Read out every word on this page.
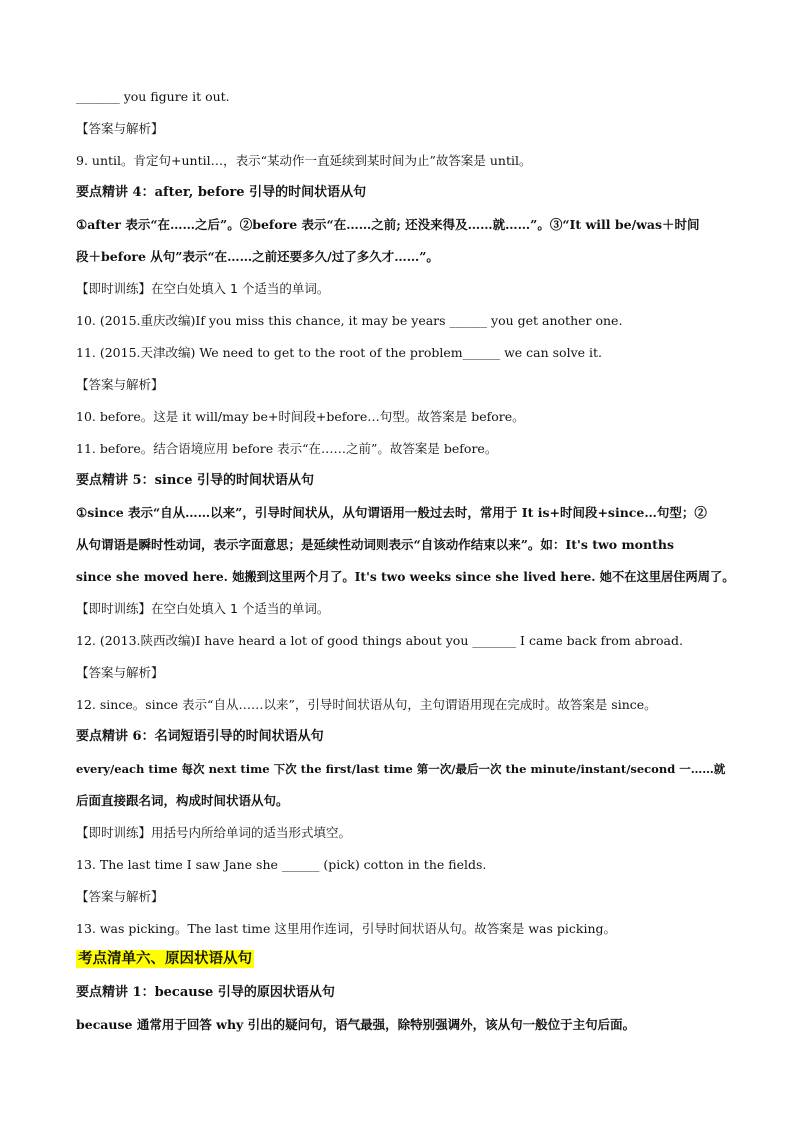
_______ you figure it out.
【答案与解析】
9. until。肯定句+until…，表示“某动作一直延续到某时间为止”故答案是 until。
要点精讲 4：after, before 引导的时间状语从句
①after 表示“在……之后”。②before 表示“在……之前; 还没来得及……就……”。③“It will be/was＋时间
段＋before 从句”表示“在……之前还要多久/过了多久才……”。
【即时训练】在空白处填入 1 个适当的单词。
10. (2015.重庆改编)If you miss this chance, it may be years ______ you get another one.
11. (2015.天津改编) We need to get to the root of the problem______ we can solve it.
【答案与解析】
10. before。这是 it will/may be+时间段+before…句型。故答案是 before。
11. before。结合语境应用 before 表示“在……之前”。故答案是 before。
要点精讲 5：since 引导的时间状语从句
①since 表示“自从……以来”，引导时间状从，从句谓语用一般过去时，常用于 It is+时间段+since…句型；②
从句谓语是瞬时性动词，表示字面意思；是延续性动词则表示“自该动作结束以来”。如：It's two months
since she moved here. 她搬到这里两个月了。It's two weeks since she lived here. 她不在这里居住两周了。
【即时训练】在空白处填入 1 个适当的单词。
12. (2013.陕西改编)I have heard a lot of good things about you _______ I came back from abroad.
【答案与解析】
12. since。since 表示“自从……以来”，引导时间状语从句，主句谓语用现在完成时。故答案是 since。
要点精讲 6：名词短语引导的时间状语从句
every/each time 每次 next time 下次 the first/last time 第一次/最后一次 the minute/instant/second 一……就
后面直接跟名词，构成时间状语从句。
【即时训练】用括号内所给单词的适当形式填空。
13. The last time I saw Jane she ______ (pick) cotton in the fields.
【答案与解析】
13. was picking。The last time 这里用作连词，引导时间状语从句。故答案是 was picking。
考点清单六、原因状语从句
要点精讲 1：because 引导的原因状语从句
because 通常用于回答 why 引出的疑问句，语气最强，除特别强调外，该从句一般位于主句后面。
